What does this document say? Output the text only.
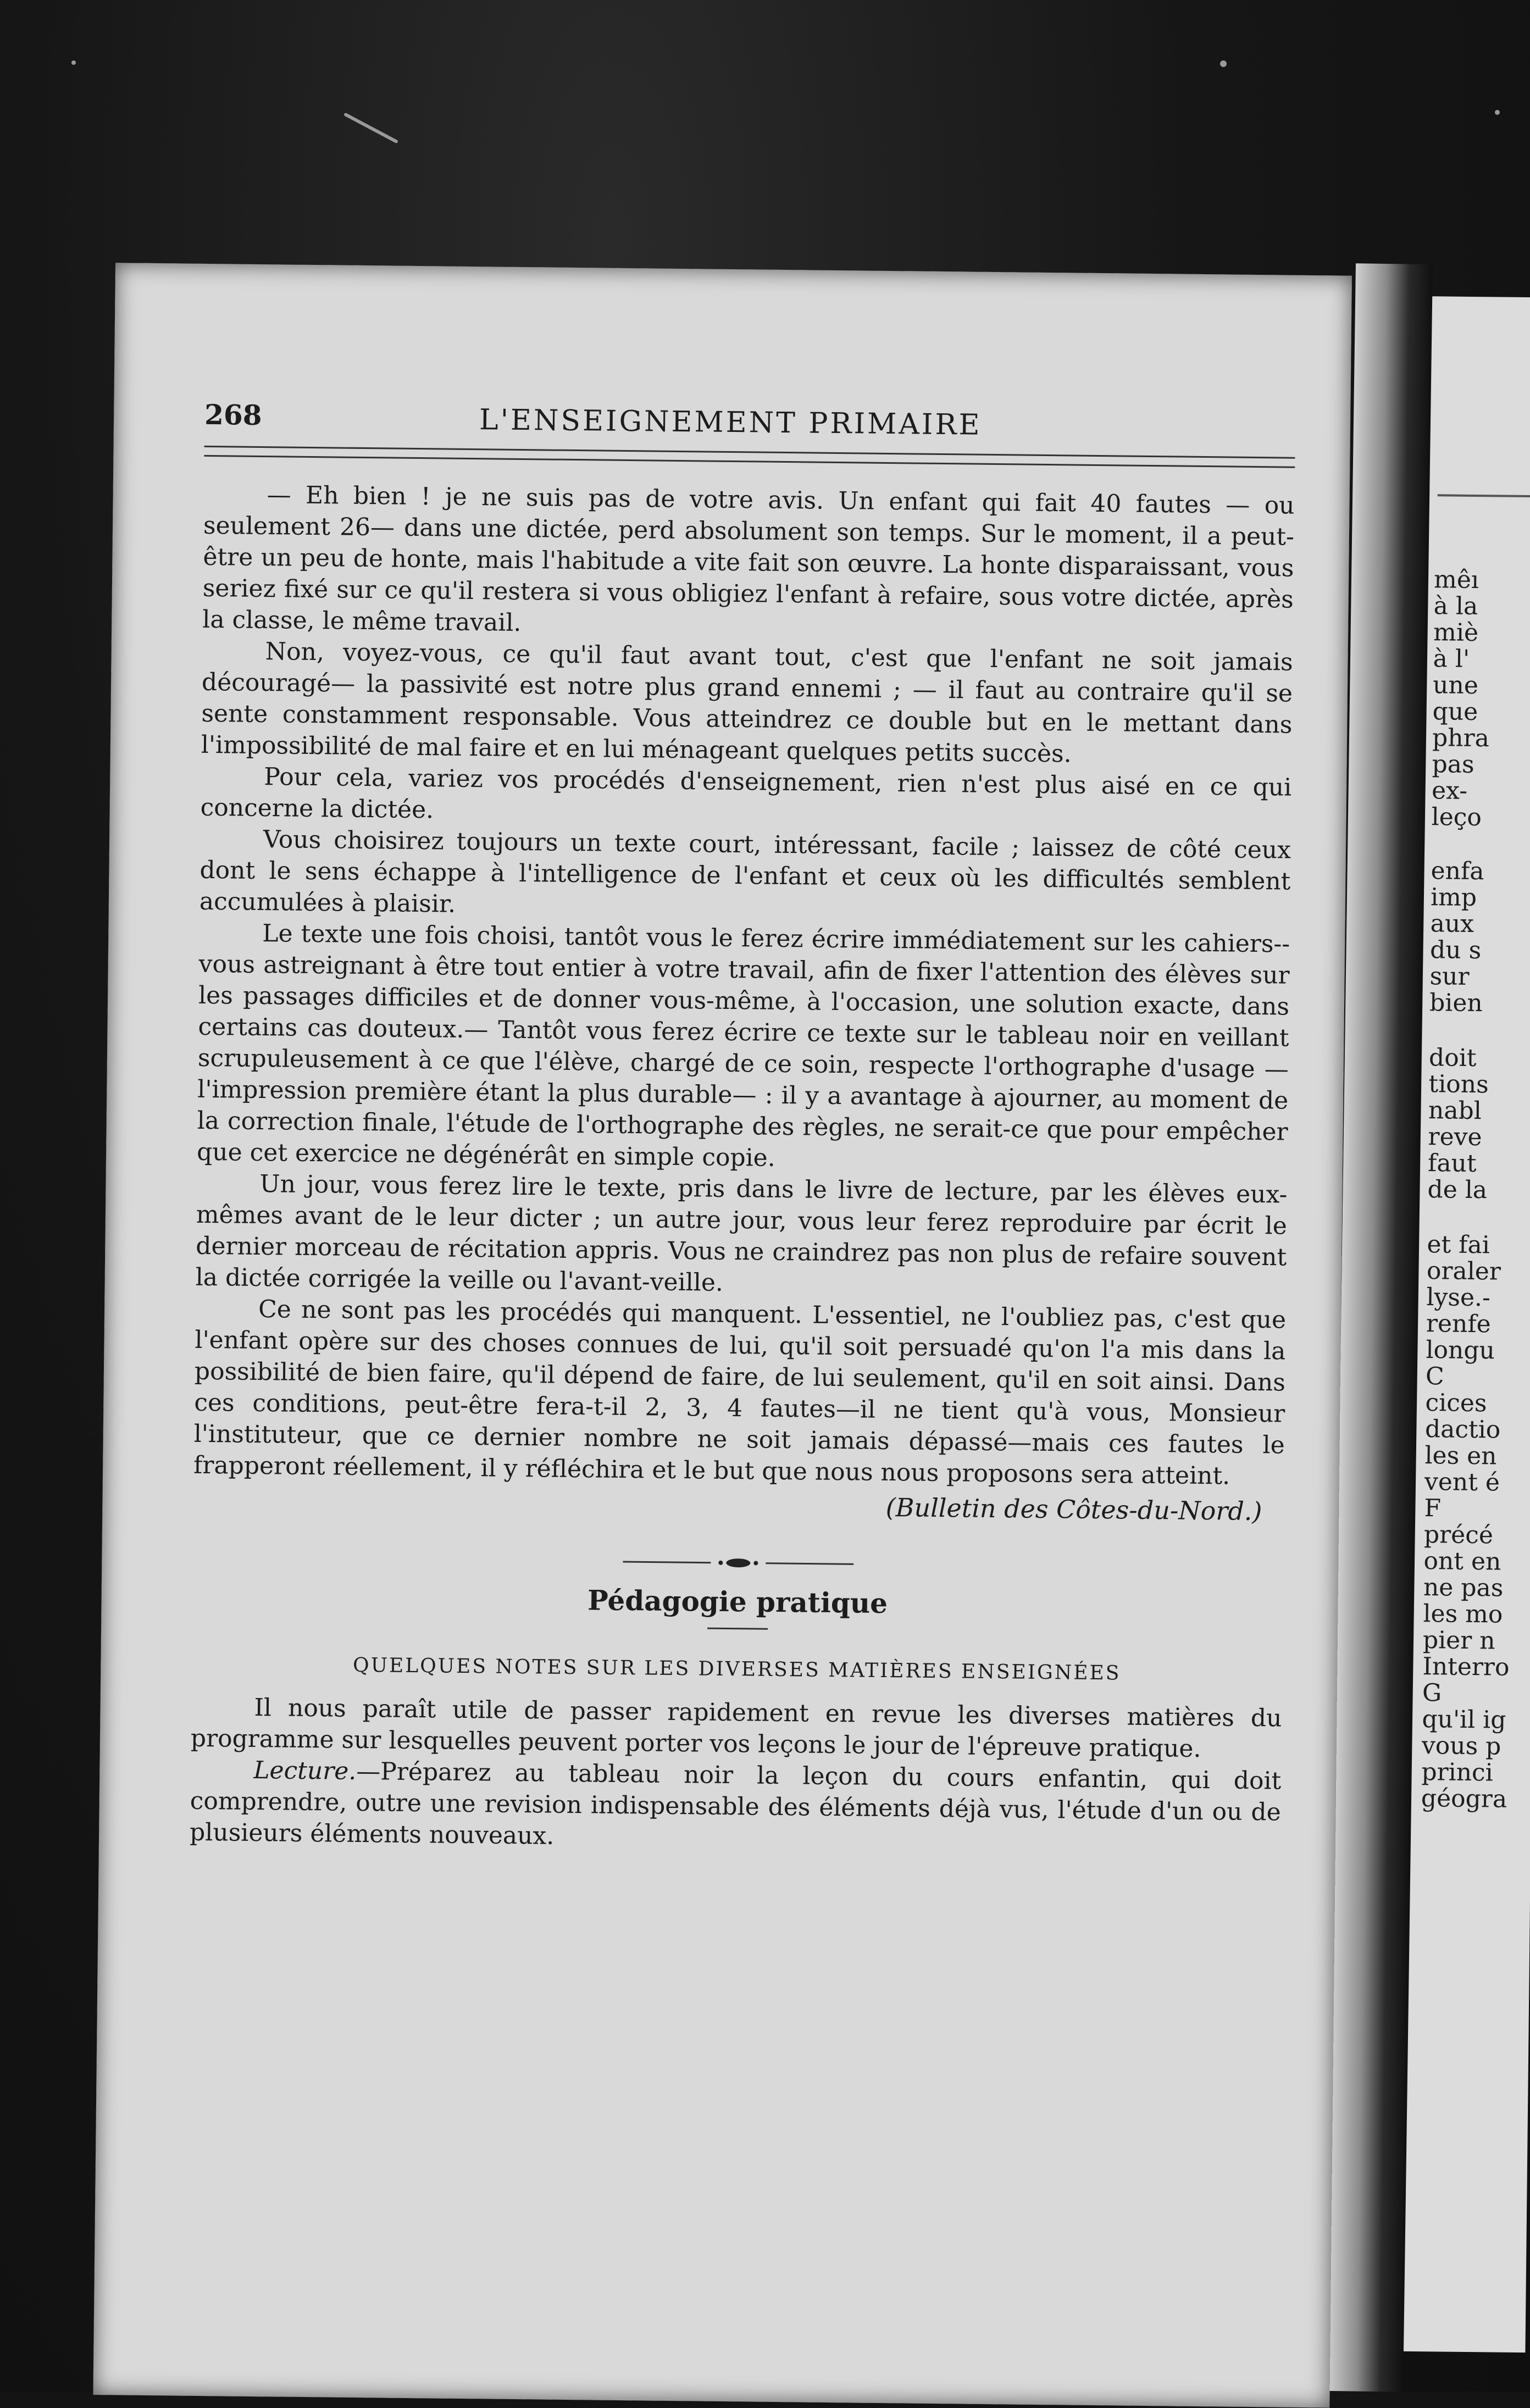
mêı
à la
miè
à l'
une
que
phra
pas
ex-
leço
enfa
imp
aux
du s
sur
bien
doit
tions
nabl
reve
faut
de la
et fai
oraler
lyse.-
renfe
longu
C
cices
dactio
les en
vent é
F
précé
ont en
ne pas
les mo
pier n
Interro
G
qu'il ig
vous p
princi
géogra
268	L'ENSEIGNEMENT PRIMAIRE

— Eh bien ! je ne suis pas de votre avis. Un enfant qui fait 40 fautes — ou seulement 26— dans une dictée, perd absolument son temps. Sur le moment, il a peut-être un peu de honte, mais l'habitude a vite fait son œuvre. La honte disparaissant, vous seriez fixé sur ce qu'il restera si vous obligiez l'enfant à refaire, sous votre dictée, après la classe, le même travail.

Non, voyez-vous, ce qu'il faut avant tout, c'est que l'enfant ne soit jamais découragé— la passivité est notre plus grand ennemi ; — il faut au contraire qu'il se sente constamment responsable. Vous atteindrez ce double but en le mettant dans l'impossibilité de mal faire et en lui ménageant quelques petits succès.

Pour cela, variez vos procédés d'enseignement, rien n'est plus aisé en ce qui concerne la dictée.

Vous choisirez toujours un texte court, intéressant, facile ; laissez de côté ceux dont le sens échappe à l'intelligence de l'enfant et ceux où les difficultés semblent accumulées à plaisir.

Le texte une fois choisi, tantôt vous le ferez écrire immédiatement sur les cahiers-- vous astreignant à être tout entier à votre travail, afin de fixer l'attention des élèves sur les passages difficiles et de donner vous-même, à l'occasion, une solution exacte, dans certains cas douteux.— Tantôt vous ferez écrire ce texte sur le tableau noir en veillant scrupuleusement à ce que l'élève, chargé de ce soin, respecte l'orthographe d'usage — l'impression première étant la plus durable— : il y a avantage à ajourner, au moment de la correction finale, l'étude de l'orthographe des règles, ne serait-ce que pour empêcher que cet exercice ne dégénérât en simple copie.

Un jour, vous ferez lire le texte, pris dans le livre de lecture, par les élèves eux-mêmes avant de le leur dicter ; un autre jour, vous leur ferez reproduire par écrit le dernier morceau de récitation appris. Vous ne craindrez pas non plus de refaire souvent la dictée corrigée la veille ou l'avant-veille.

Ce ne sont pas les procédés qui manquent. L'essentiel, ne l'oubliez pas, c'est que l'enfant opère sur des choses connues de lui, qu'il soit persuadé qu'on l'a mis dans la possibilité de bien faire, qu'il dépend de faire, de lui seulement, qu'il en soit ainsi. Dans ces conditions, peut-être fera-t-il 2, 3, 4 fautes—il ne tient qu'à vous, Monsieur l'instituteur, que ce dernier nombre ne soit jamais dépassé—mais ces fautes le frapperont réellement, il y réfléchira et le but que nous nous proposons sera atteint.

(Bulletin des Côtes-du-Nord.)
Pédagogie pratique
QUELQUES NOTES SUR LES DIVERSES MATIÈRES ENSEIGNÉES

Il nous paraît utile de passer rapidement en revue les diverses matières du programme sur lesquelles peuvent porter vos leçons le jour de l'épreuve pratique.

Lecture.—Préparez au tableau noir la leçon du cours enfantin, qui doit comprendre, outre une revision indispensable des éléments déjà vus, l'étude d'un ou de plusieurs éléments nouveaux.
